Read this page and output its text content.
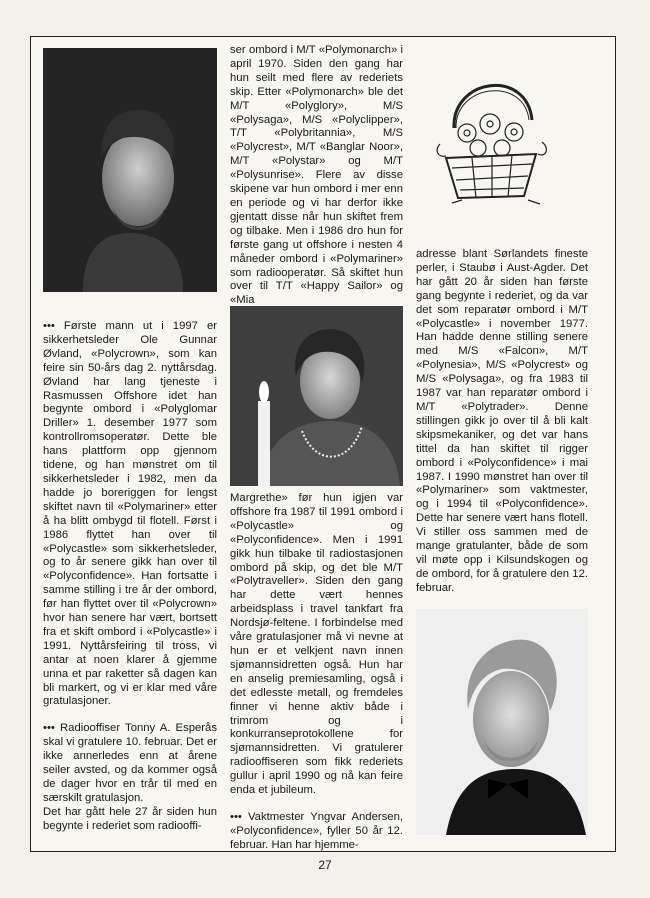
••• Første mann ut i 1997 er sikkerhetsleder Ole Gunnar Øvland, «Polycrown», som kan feire sin 50-års dag 2. nyttårsdag. Øvland har lang tjeneste i Rasmussen Offshore idet han begynte ombord i «Polyglomar Driller» 1. desember 1977 som kontrollromsoperatør. Dette ble hans plattform opp gjennom tidene, og han mønstret om til sikkerhetsleder i 1982, men da hadde jo boreriggen for lengst skiftet navn til «Polymariner» etter å ha blitt ombygd til flotell. Først i 1986 flyttet han over til «Polycastle» som sikkerhetsleder, og to år senere gikk han over til «Polyconfidence». Han fortsatte i samme stilling i tre år der ombord, før han flyttet over til «Polycrown» hvor han senere har vært, bortsett fra et skift ombord i «Polycastle» i 1991. Nyttårsfeiring til tross, vi antar at noen klarer å gjemme unna et par raketter så dagen kan bli markert, og vi er klar med våre gratulasjoner.

••• Radiooffiser Tonny A. Esperås skal vi gratulere 10. februar. Det er ikke annerledes enn at årene seiler avsted, og da kommer også de dager hvor en trår til med en særskilt gratulasjon.

Det har gått hele 27 år siden hun begynte i rederiet som radiooffi-

ser ombord i M/T «Polymonarch» i april 1970. Siden den gang har hun seilt med flere av rederiets skip. Etter «Polymonarch» ble det M/T «Polyglory», M/S «Polysaga», M/S «Polyclipper», T/T «Polybritannia», M/S «Polycrest», M/T «Banglar Noor», M/T «Polystar» og M/T «Polysunrise». Flere av disse skipene var hun ombord i mer enn en periode og vi har derfor ikke gjentatt disse når hun skiftet frem og tilbake. Men i 1986 dro hun for første gang ut offshore i nesten 4 måneder ombord i «Polymariner» som radiooperatør. Så skiftet hun over til T/T «Happy Sailor» og «Mia

Margrethe» før hun igjen var offshore fra 1987 til 1991 ombord i «Polycastle» og «Polyconfidence». Men i 1991 gikk hun tilbake til radiostasjonen ombord på skip, og det ble M/T «Polytraveller». Siden den gang har dette vært hennes arbeidsplass i travel tankfart fra Nordsjø-feltene. I forbindelse med våre gratulasjoner må vi nevne at hun er et velkjent navn innen sjømannsidretten også. Hun har en anselig premiesamling, også i det edlesste metall, og fremdeles finner vi henne aktiv både i trimrom og i konkurranseprotokollene for sjømannsidretten. Vi gratulerer radiooffiseren som fikk rederiets gullur i april 1990 og nå kan feire enda et jubileum.

••• Vaktmester Yngvar Andersen, «Polyconfidence», fyller 50 år 12. februar. Han har hjemme-

adresse blant Sørlandets fineste perler, i Staubø i Aust-Agder. Det har gått 20 år siden han første gang begynte i rederiet, og da var det som reparatør ombord i M/T «Polycastle» i november 1977. Han hadde denne stilling senere med M/S «Falcon», M/T «Polynesia», M/S «Polycrest» og M/S «Polysaga», og fra 1983 til 1987 var han reparatør ombord i M/T «Polytrader». Denne stillingen gikk jo over til å bli kalt skipsmekaniker, og det var hans tittel da han skiftet til rigger ombord i «Polyconfidence» i mai 1987. I 1990 mønstret han over til «Polymariner» som vaktmester, og i 1994 til «Polyconfidence». Dette har senere vært hans flotell. Vi stiller oss sammen med de mange gratulanter, både de som vil møte opp i Kilsundskogen og de ombord, for å gratulere den 12. februar.

27
